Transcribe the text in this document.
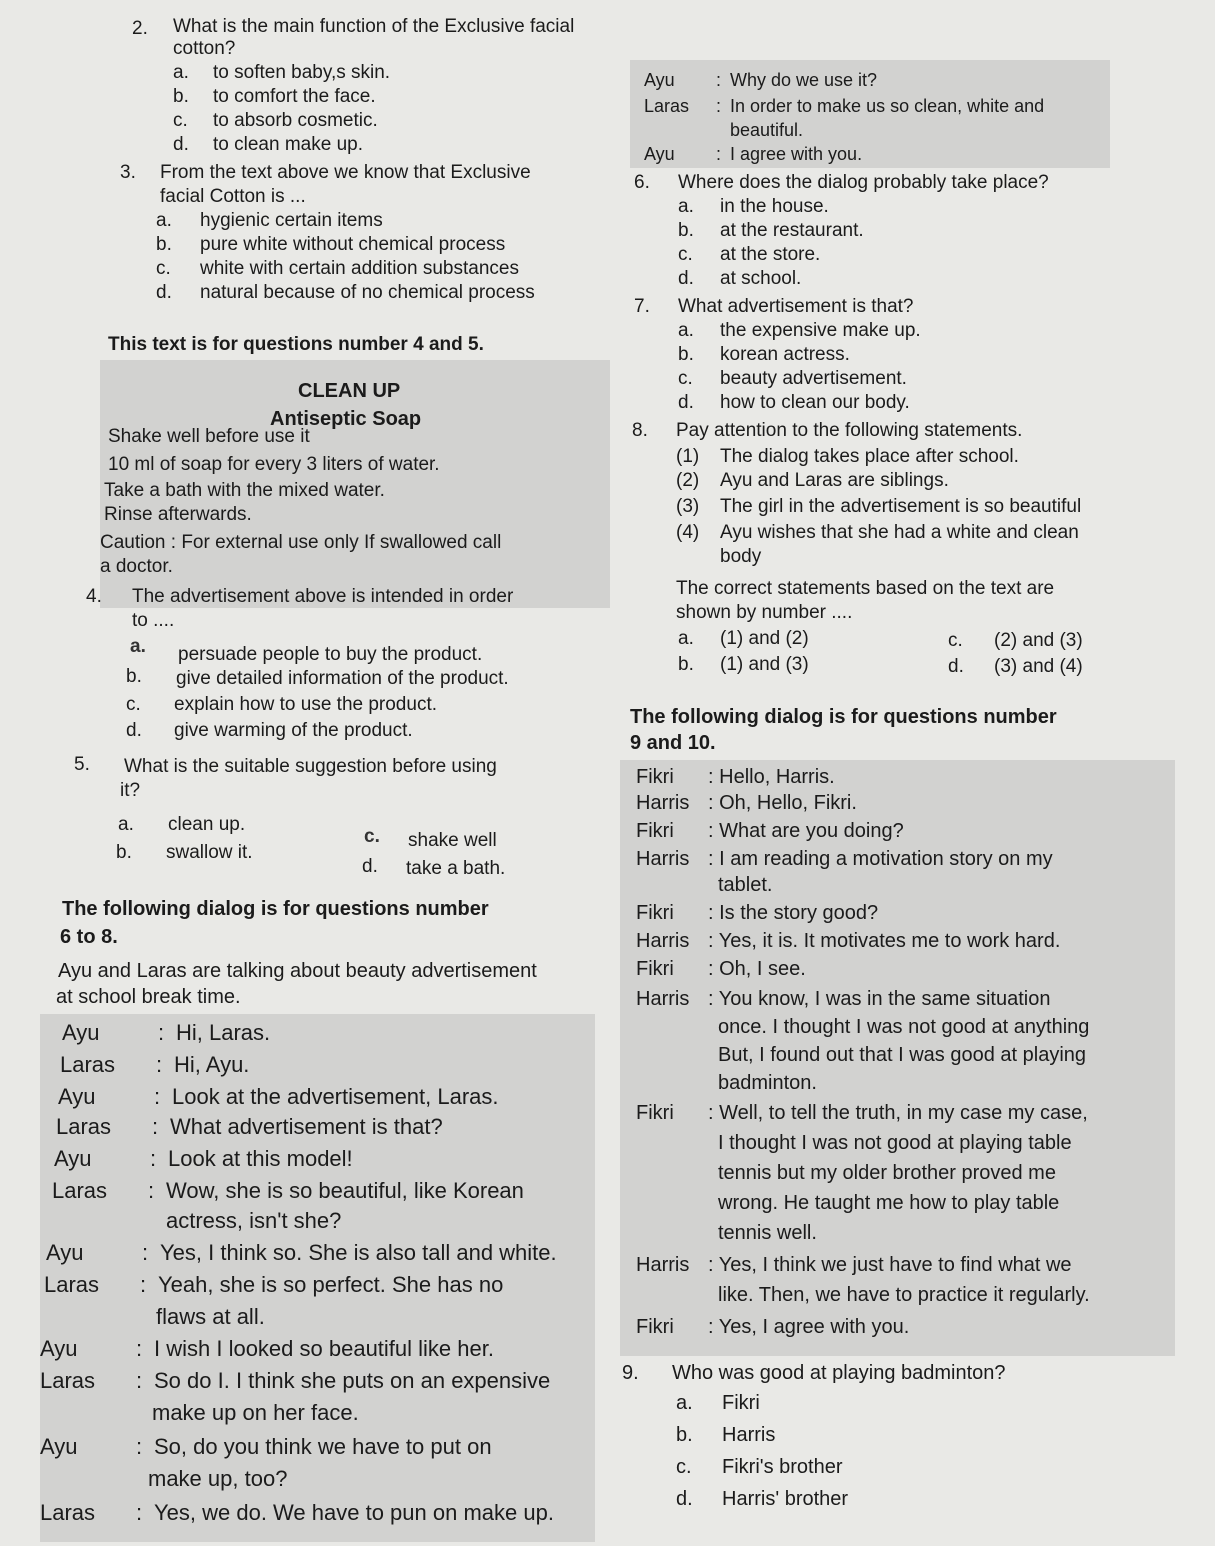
2. What is the main function of the Exclusive facial
cotton?
a. to soften baby,s skin.
b. to comfort the face.
c. to absorb cosmetic.
d. to clean make up.
3. From the text above we know that Exclusive
facial Cotton is ...
a. hygienic certain items
b. pure white without chemical process
c. white with certain addition substances
d. natural because of no chemical process
This text is for questions number 4 and 5.
CLEAN UP
Antiseptic Soap
Shake well before use it
10 ml of soap for every 3 liters of water.
Take a bath with the mixed water.
Rinse afterwards.
Caution : For external use only If swallowed call
a doctor.
4. The advertisement above is intended in order
to ....
a. persuade people to buy the product.
b. give detailed information of the product.
c. explain how to use the product.
d. give warming of the product.
5. What is the suitable suggestion before using
it?
a. clean up.
b. swallow it.
c. shake well
d. take a bath.
The following dialog is for questions number
6 to 8.
Ayu and Laras are talking about beauty advertisement
at school break time.
Ayu	: Hi, Laras.
Laras : Hi, Ayu.
Ayu	: Look at the advertisement, Laras.
Laras : What advertisement is that?
Ayu	: Look at this model!
Laras : Wow, she is so beautiful, like Korean
actress, isn't she?
Ayu	: Yes, I think so. She is also tall and white.
Laras : Yeah, she is so perfect. She has no
flaws at all.
Ayu	: I wish I looked so beautiful like her.
Laras : So do I. I think she puts on an expensive
make up on her face.
Ayu	: So, do you think we have to put on
make up, too?
Laras : Yes, we do. We have to pun on make up.
Ayu : Why do we use it?
Laras : In order to make us so clean, white and
beautiful.
Ayu : I agree with you.
6. Where does the dialog probably take place?
a. in the house.
b. at the restaurant.
c. at the store.
d. at school.
7. What advertisement is that?
a. the expensive make up.
b. korean actress.
c. beauty advertisement.
d. how to clean our body.
8. Pay attention to the following statements.
(1) The dialog takes place after school.
(2) Ayu and Laras are siblings.
(3) The girl in the advertisement is so beautiful
(4) Ayu wishes that she had a white and clean
body
The correct statements based on the text are
shown by number ....
a. (1) and (2)
b. (1) and (3)
c. (2) and (3)
d. (3) and (4)
The following dialog is for questions number
9 and 10.
Fikri : Hello, Harris.
Harris : Oh, Hello, Fikri.
Fikri : What are you doing?
Harris : I am reading a motivation story on my
tablet.
Fikri : Is the story good?
Harris : Yes, it is. It motivates me to work hard.
Fikri : Oh, I see.
Harris : You know, I was in the same situation
once. I thought I was not good at anything
But, I found out that I was good at playing
badminton.
Fikri : Well, to tell the truth, in my case my case,
I thought I was not good at playing table
tennis but my older brother proved me
wrong. He taught me how to play table
tennis well.
Harris : Yes, I think we just have to find what we
like. Then, we have to practice it regularly.
Fikri : Yes, I agree with you.
9. Who was good at playing badminton?
a. Fikri
b. Harris
c. Fikri's brother
d. Harris' brother
